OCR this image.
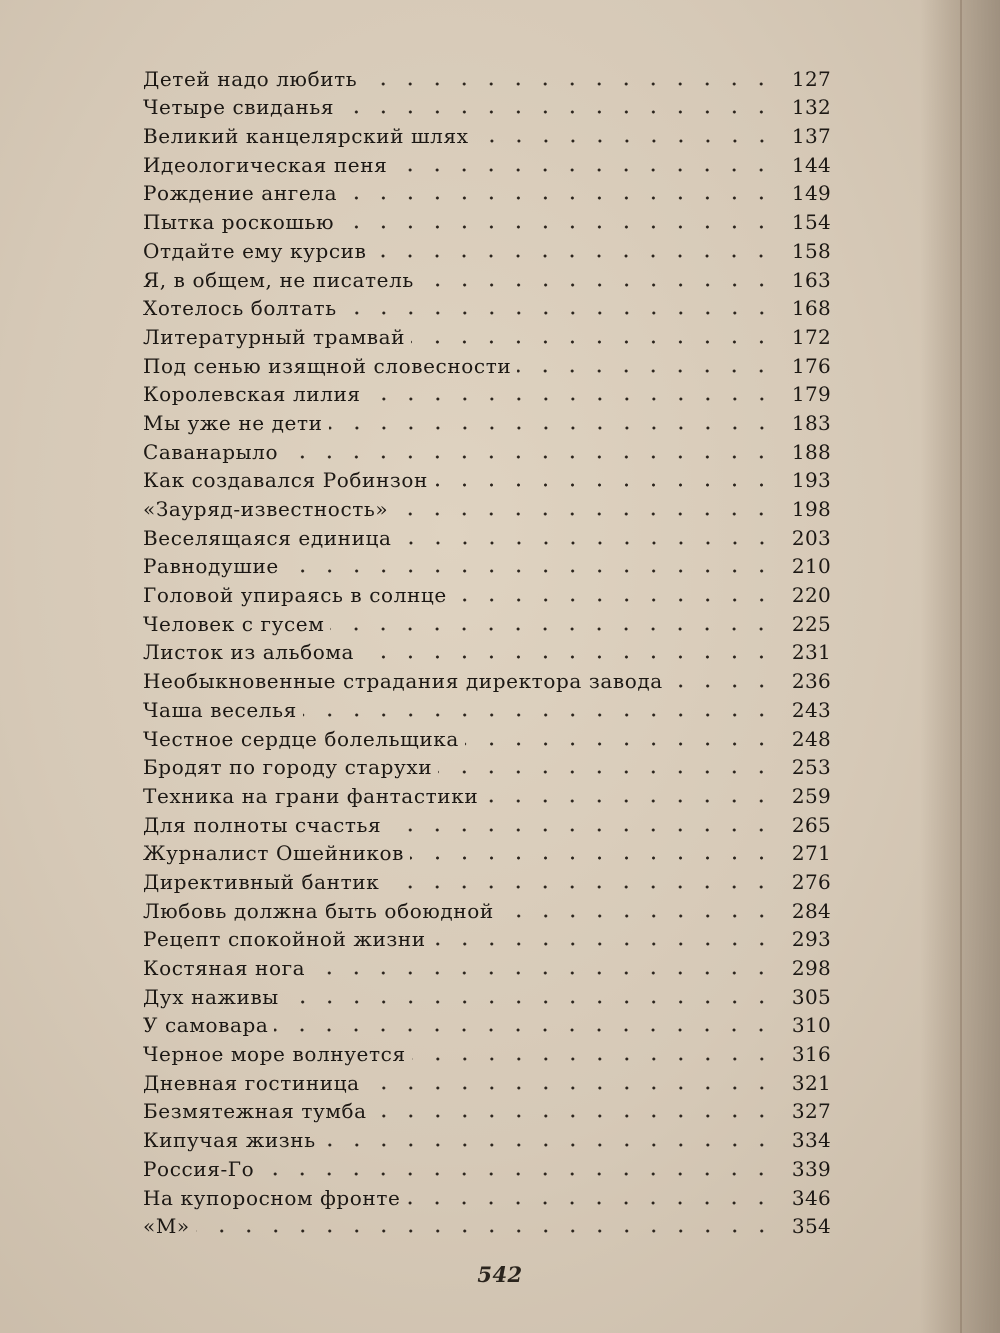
Детей надо любить	127
Четыре свиданья	132
Великий канцелярский шлях	137
Идеологическая пеня	144
Рождение ангела	149
Пытка роскошью	154
Отдайте ему курсив	158
Я, в общем, не писатель	163
Хотелось болтать	168
Литературный трамвай	172
Под сенью изящной словесности	176
Королевская лилия	179
Мы уже не дети	183
Саванарыло	188
Как создавался Робинзон	193
«Зауряд-известность»	198
Веселящаяся единица	203
Равнодушие	210
Головой упираясь в солнце	220
Человек с гусем	225
Листок из альбома	231
Необыкновенные страдания директора завода	236
Чаша веселья	243
Честное сердце болельщика	248
Бродят по городу старухи	253
Техника на грани фантастики	259
Для полноты счастья	265
Журналист Ошейников	271
Директивный бантик	276
Любовь должна быть обоюдной	284
Рецепт спокойной жизни	293
Костяная нога	298
Дух наживы	305
У самовара	310
Черное море волнуется	316
Дневная гостиница	321
Безмятежная тумба	327
Кипучая жизнь	334
Россия-Го	339
На купоросном фронте	346
«М»	354
542
